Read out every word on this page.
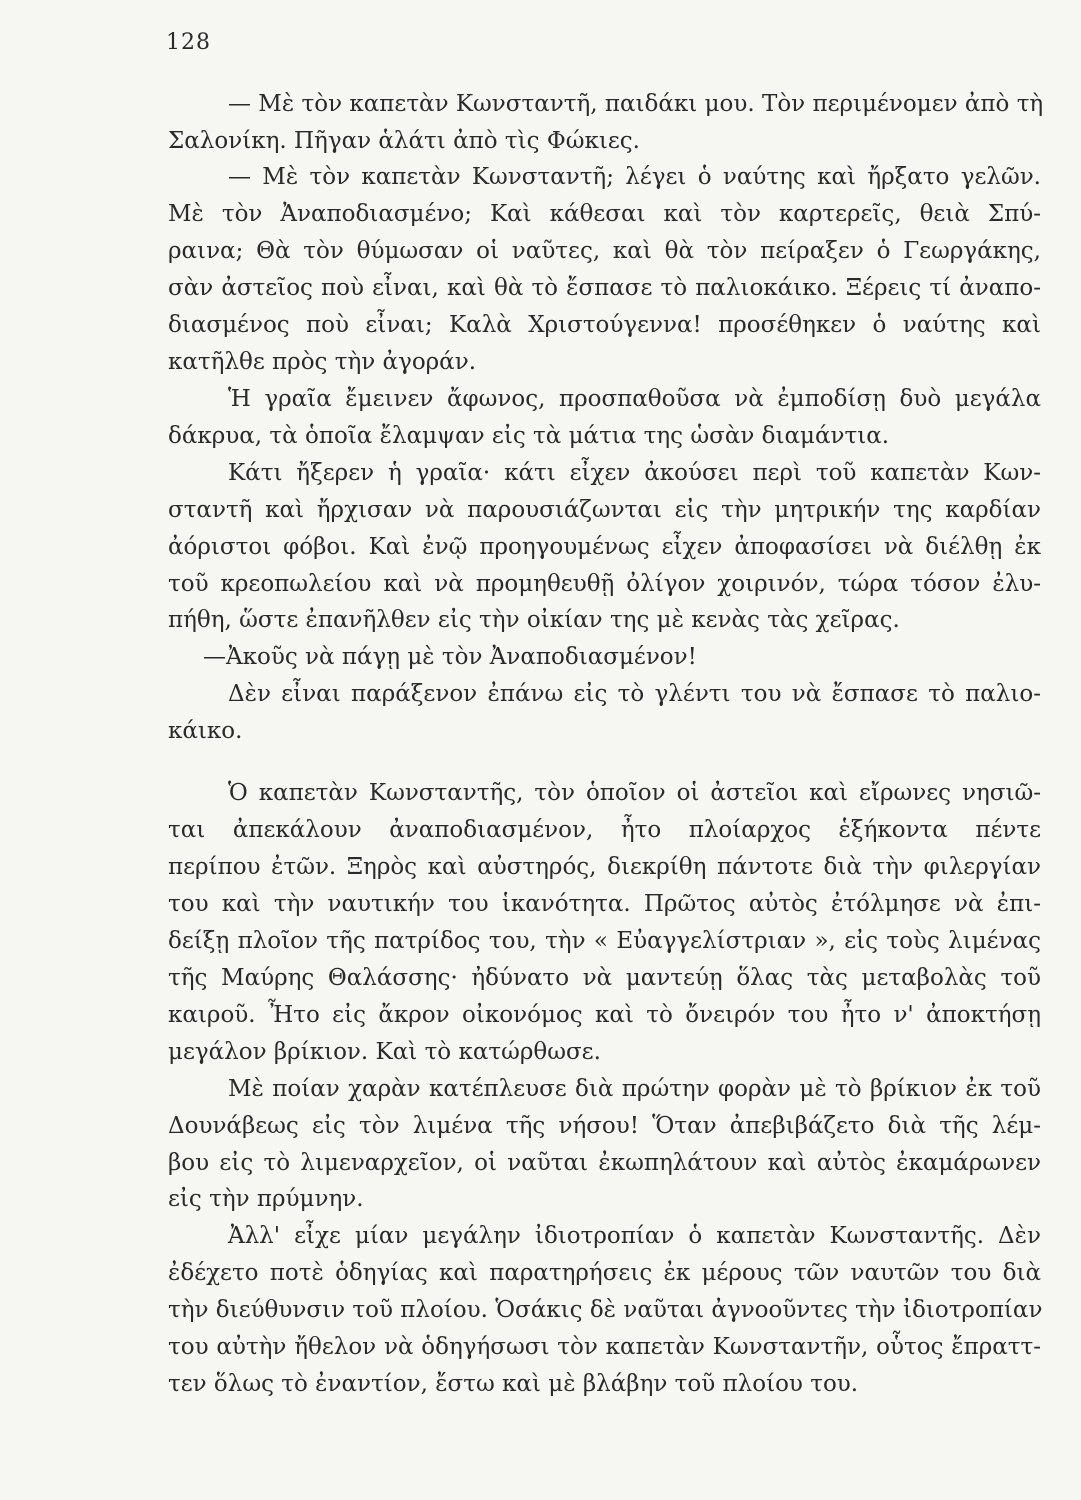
128
— Μὲ τὸν καπετὰν Κωνσταντῆ, παιδάκι μου. Τὸν περιμένομεν ἀπὸ τὴ
Σαλονίκη. Πῆγαν ἁλάτι ἀπὸ τὶς Φώκιες.
— Μὲ τὸν καπετὰν Κωνσταντῆ; λέγει ὁ ναύτης καὶ ἤρξατο γελῶν.
Μὲ τὸν Ἀναποδιασμένο; Καὶ κάθεσαι καὶ τὸν καρτερεῖς, θειὰ Σπύ-
ραινα; Θὰ τὸν θύμωσαν οἱ ναῦτες, καὶ θὰ τὸν πείραξεν ὁ Γεωργάκης,
σὰν ἀστεῖος ποὺ εἶναι, καὶ θὰ τὸ ἔσπασε τὸ παλιοκάικο. Ξέρεις τί ἀναπο-
διασμένος ποὺ εἶναι; Καλὰ Χριστούγεννα! προσέθηκεν ὁ ναύτης καὶ
κατῆλθε πρὸς τὴν ἀγοράν.
Ἡ γραῖα ἔμεινεν ἄφωνος, προσπαθοῦσα νὰ ἐμποδίσῃ δυὸ μεγάλα
δάκρυα, τὰ ὁποῖα ἔλαμψαν εἰς τὰ μάτια της ὡσὰν διαμάντια.
Κάτι ἤξερεν ἡ γραῖα· κάτι εἶχεν ἀκούσει περὶ τοῦ καπετὰν Κων-
σταντῆ καὶ ἤρχισαν νὰ παρουσιάζωνται εἰς τὴν μητρικήν της καρδίαν
ἀόριστοι φόβοι. Καὶ ἐνῷ προηγουμένως εἶχεν ἀποφασίσει νὰ διέλθῃ ἐκ
τοῦ κρεοπωλείου καὶ νὰ προμηθευθῇ ὀλίγον χοιρινόν, τώρα τόσον ἐλυ-
πήθη, ὥστε ἐπανῆλθεν εἰς τὴν οἰκίαν της μὲ κενὰς τὰς χεῖρας.
—Ἀκοῦς νὰ πάγῃ μὲ τὸν Ἀναποδιασμένον!
Δὲν εἶναι παράξενον ἐπάνω εἰς τὸ γλέντι του νὰ ἔσπασε τὸ παλιο-
κάικο.
Ὁ καπετὰν Κωνσταντῆς, τὸν ὁποῖον οἱ ἀστεῖοι καὶ εἴρωνες νησιῶ-
ται ἀπεκάλουν ἀναποδιασμένον, ἦτο πλοίαρχος ἑξήκοντα πέντε
περίπου ἐτῶν. Ξηρὸς καὶ αὐστηρός, διεκρίθη πάντοτε διὰ τὴν φιλεργίαν
του καὶ τὴν ναυτικήν του ἱκανότητα. Πρῶτος αὐτὸς ἐτόλμησε νὰ ἐπι-
δείξῃ πλοῖον τῆς πατρίδος του, τὴν « Εὐαγγελίστριαν », εἰς τοὺς λιμένας
τῆς Μαύρης Θαλάσσης· ἠδύνατο νὰ μαντεύῃ ὅλας τὰς μεταβολὰς τοῦ
καιροῦ. Ἦτο εἰς ἄκρον οἰκονόμος καὶ τὸ ὄνειρόν του ἦτο ν' ἀποκτήσῃ
μεγάλον βρίκιον. Καὶ τὸ κατώρθωσε.
Μὲ ποίαν χαρὰν κατέπλευσε διὰ πρώτην φορὰν μὲ τὸ βρίκιον ἐκ τοῦ
Δουνάβεως εἰς τὸν λιμένα τῆς νήσου! Ὅταν ἀπεβιβάζετο διὰ τῆς λέμ-
βου εἰς τὸ λιμεναρχεῖον, οἱ ναῦται ἐκωπηλάτουν καὶ αὐτὸς ἐκαμάρωνεν
εἰς τὴν πρύμνην.
Ἀλλ' εἶχε μίαν μεγάλην ἰδιοτροπίαν ὁ καπετὰν Κωνσταντῆς. Δὲν
ἐδέχετο ποτὲ ὁδηγίας καὶ παρατηρήσεις ἐκ μέρους τῶν ναυτῶν του διὰ
τὴν διεύθυνσιν τοῦ πλοίου. Ὁσάκις δὲ ναῦται ἀγνοοῦντες τὴν ἰδιοτροπίαν
του αὐτὴν ἤθελον νὰ ὁδηγήσωσι τὸν καπετὰν Κωνσταντῆν, οὗτος ἔπραττ-
τεν ὅλως τὸ ἐναντίον, ἔστω καὶ μὲ βλάβην τοῦ πλοίου του.
